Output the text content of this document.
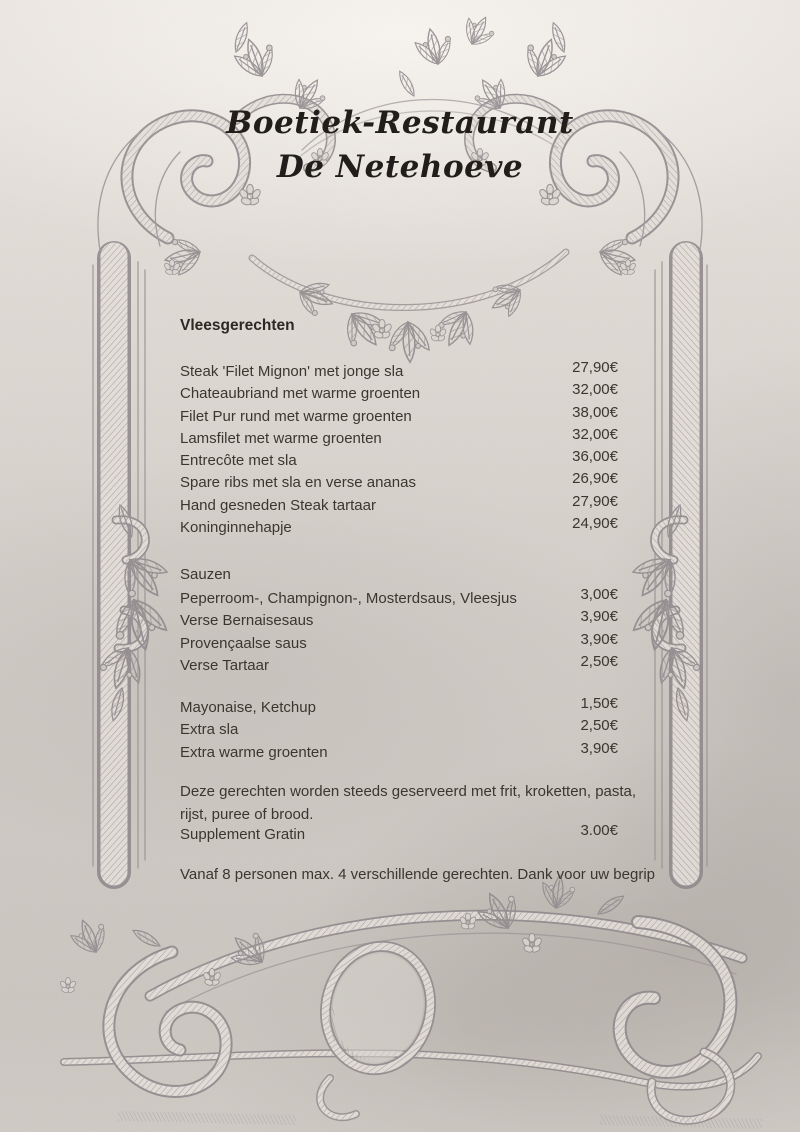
Boetiek-Restaurant
De Netehoeve
Vleesgerechten
Steak 'Filet Mignon' met jonge sla	27,90€
Chateaubriand met warme groenten	32,00€
Filet Pur rund met warme groenten	38,00€
Lamsfilet met warme groenten	32,00€
Entrecôte met sla	36,00€
Spare ribs met sla en verse ananas	26,90€
Hand gesneden Steak tartaar	27,90€
Koninginnehapje	24,90€
Sauzen
Peperroom-, Champignon-, Mosterdsaus, Vleesjus	3,00€
Verse Bernaisesaus	3,90€
Provençaalse saus	3,90€
Verse Tartaar	2,50€
Mayonaise, Ketchup	1,50€
Extra sla	2,50€
Extra warme groenten	3,90€
Deze gerechten worden steeds geserveerd met frit, kroketten, pasta,
rijst, puree of brood.
Supplement Gratin	3.00€
Vanaf 8 personen max. 4 verschillende gerechten. Dank voor uw begrip
